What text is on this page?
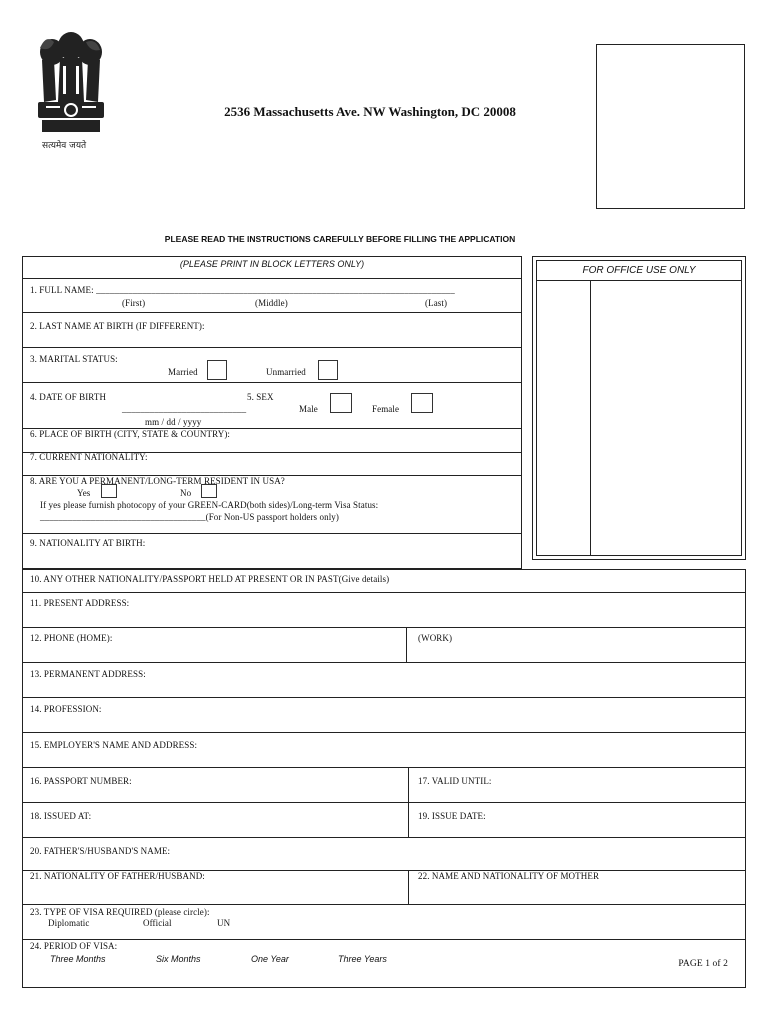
सत्यमेव जयते
2536 Massachusetts Ave. NW Washington, DC 20008
PLEASE READ THE INSTRUCTIONS CAREFULLY BEFORE FILLING THE APPLICATION
(PLEASE PRINT IN BLOCK LETTERS ONLY)
1. FULL NAME: ______________________________________________________________________________
(First)	(Middle)	(Last)
2. LAST NAME AT BIRTH (IF DIFFERENT):
3. MARITAL STATUS:
Married	Unmarried
4. DATE OF BIRTH
___________________________
mm / dd / yyyy
5. SEX
Male	Female
6. PLACE OF BIRTH (CITY, STATE & COUNTRY):
7. CURRENT NATIONALITY:
8. ARE YOU A PERMANENT/LONG-TERM RESIDENT IN USA?
Yes	No
If yes please furnish photocopy of your GREEN-CARD(both sides)/Long-term Visa Status:
____________________________________(For Non-US passport holders only)
9. NATIONALITY AT BIRTH:
FOR OFFICE USE ONLY
10. ANY OTHER NATIONALITY/PASSPORT HELD AT PRESENT OR IN PAST(Give details)
11. PRESENT ADDRESS:
12. PHONE (HOME):	(WORK)
13. PERMANENT ADDRESS:
14. PROFESSION:
15. EMPLOYER'S NAME AND ADDRESS:
16. PASSPORT NUMBER:	17. VALID UNTIL:
18. ISSUED AT:	19. ISSUE DATE:
20. FATHER'S/HUSBAND'S NAME:
21. NATIONALITY OF FATHER/HUSBAND:	22. NAME AND NATIONALITY OF MOTHER
23. TYPE OF VISA REQUIRED (please circle):
Diplomatic	Official	UN
24. PERIOD OF VISA:
Three Months	Six Months	One Year	Three Years	PAGE 1 of 2
